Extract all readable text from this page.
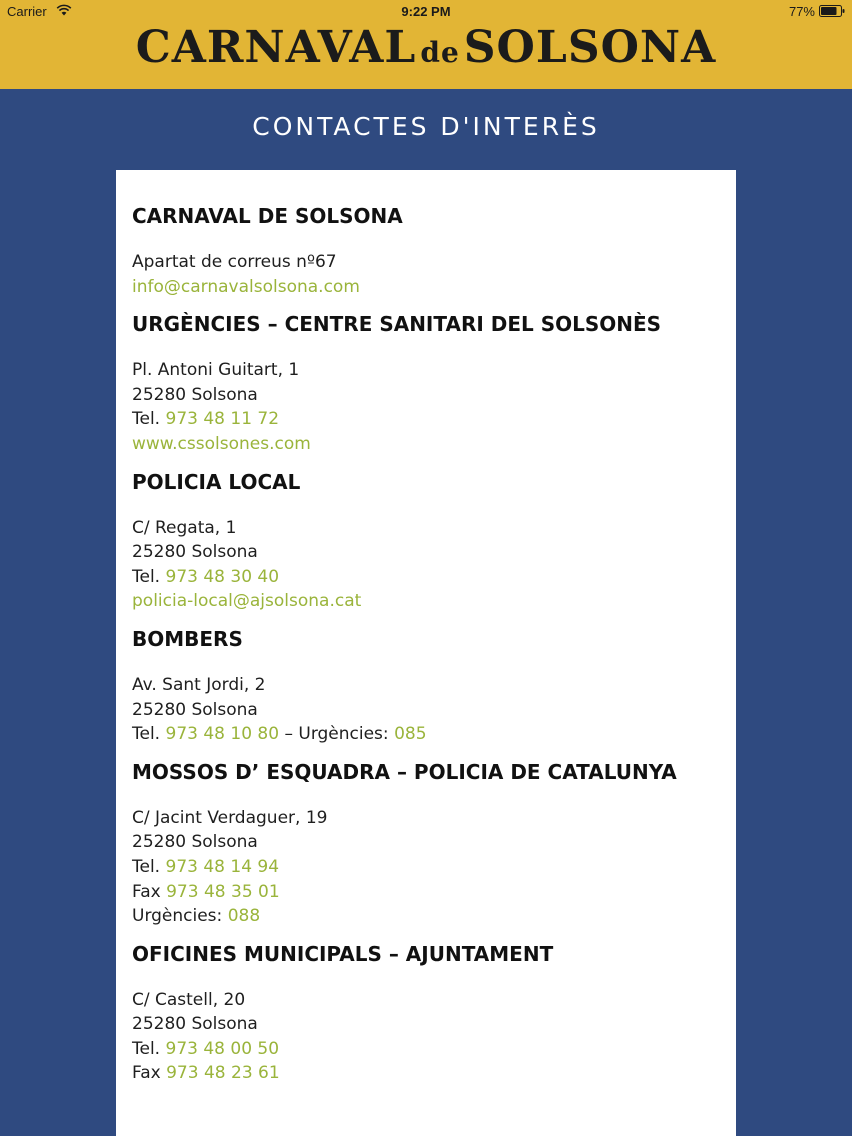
Carrier	9:22 PM	77%
CARNAVAL deSOLSONA
CONTACTES D'INTERÈS

CARNAVAL DE SOLSONA

Apartat de correus nº67

info@carnavalsolsona.com

URGÈNCIES – CENTRE SANITARI DEL SOLSONÈS

Pl. Antoni Guitart, 1

25280 Solsona

Tel. 973 48 11 72

www.cssolsones.com

POLICIA LOCAL

C/ Regata, 1

25280 Solsona

Tel. 973 48 30 40

policia-local@ajsolsona.cat

BOMBERS

Av. Sant Jordi, 2

25280 Solsona

Tel. 973 48 10 80 – Urgències: 085

MOSSOS D’ ESQUADRA – POLICIA DE CATALUNYA

C/ Jacint Verdaguer, 19

25280 Solsona

Tel. 973 48 14 94

Fax 973 48 35 01

Urgències: 088

OFICINES MUNICIPALS – AJUNTAMENT

C/ Castell, 20

25280 Solsona

Tel. 973 48 00 50

Fax 973 48 23 61
